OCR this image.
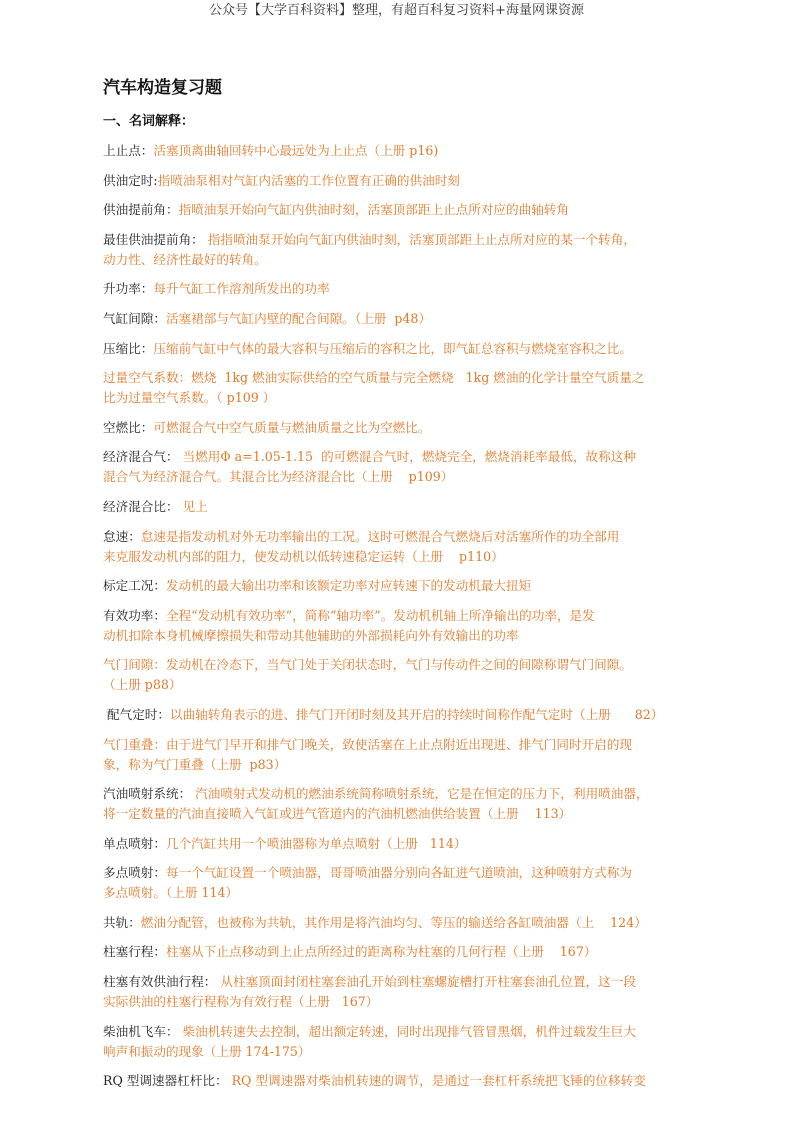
公众号【大学百科资料】整理，有超百科复习资料+海量网课资源
汽车构造复习题
一、名词解释：
上止点：活塞顶离曲轴回转中心最远处为上止点（上册 p16)
供油定时:指喷油泵相对气缸内活塞的工作位置有正确的供油时刻
供油提前角：指喷油泵开始向气缸内供油时刻，活塞顶部距上止点所对应的曲轴转角
最佳供油提前角： 指指喷油泵开始向气缸内供油时刻，活塞顶部距上止点所对应的某一个转角，
动力性、经济性最好的转角。
升功率：每升气缸工作溶剂所发出的功率
气缸间隙：活塞裙部与气缸内壁的配合间隙。（上册  p48）
压缩比：压缩前气缸中气体的最大容积与压缩后的容积之比，即气缸总容积与燃烧室容积之比。
过量空气系数：燃烧  1kg 燃油实际供给的空气质量与完全燃烧   1kg 燃油的化学计量空气质量之
比为过量空气系数。（ p109 ）
空燃比：可燃混合气中空气质量与燃油质量之比为空燃比。
经济混合气： 当燃用Φ a=1.05-1.15  的可燃混合气时，燃烧完全，燃烧消耗率最低，故称这种
混合气为经济混合气。其混合比为经济混合比（上册    p109）
经济混合比： 见上
怠速：怠速是指发动机对外无功率输出的工况。这时可燃混合气燃烧后对活塞所作的功全部用
来克服发动机内部的阻力，使发动机以低转速稳定运转（上册    p110）
标定工况：发动机的最大输出功率和该额定功率对应转速下的发动机最大扭矩
有效功率：全程“发动机有效功率”，简称“轴功率”。发动机机轴上所净输出的功率，是发
动机扣除本身机械摩擦损失和带动其他辅助的外部损耗向外有效输出的功率
气门间隙：发动机在冷态下，当气门处于关闭状态时，气门与传动件之间的间隙称谓气门间隙。
（上册 p88）
配气定时：以曲轴转角表示的进、排气门开闭时刻及其开启的持续时间称作配气定时（上册      82）
气门重叠：由于进气门早开和排气门晚关，致使活塞在上止点附近出现进、排气门同时开启的现
象，称为气门重叠（上册  p83）
汽油喷射系统： 汽油喷射式发动机的燃油系统简称喷射系统，它是在恒定的压力下，利用喷油器，
将一定数量的汽油直接喷入气缸或进气管道内的汽油机燃油供给装置（上册    113）
单点喷射：几个汽缸共用一个喷油器称为单点喷射（上册   114）
多点喷射：每一个气缸设置一个喷油器，哥哥喷油器分别向各缸进气道喷油，这种喷射方式称为
多点喷射。（上册 114）
共轨：燃油分配管，也被称为共轨，其作用是将汽油均匀、等压的输送给各缸喷油器（上    124）
柱塞行程：柱塞从下止点移动到上止点所经过的距离称为柱塞的几何行程（上册    167）
柱塞有效供油行程： 从柱塞顶面封闭柱塞套油孔开始到柱塞螺旋槽打开柱塞套油孔位置，这一段
实际供油的柱塞行程称为有效行程（上册   167）
柴油机飞车： 柴油机转速失去控制，超出额定转速，同时出现排气管冒黑烟，机件过载发生巨大
响声和振动的现象（上册 174-175）
RQ 型调速器杠杆比： RQ 型调速器对柴油机转速的调节，是通过一套杠杆系统把飞锤的位移转变
